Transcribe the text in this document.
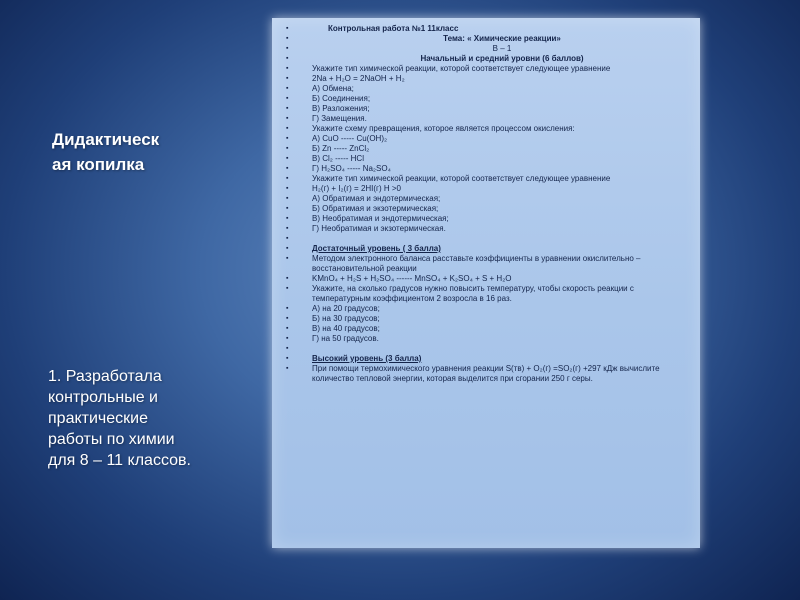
Дидактическ
ая копилка
1. Разработала
контрольные и
практические
работы по химии
для 8 – 11 классов.
▪ Контрольная работа №1 11класс
▪ Тема: « Химические реакции»
▪ В – 1
▪ Начальный и средний уровни (6 баллов)
▪ Укажите тип химической реакции, которой соответствует следующее уравнение
▪ 2Na + H₂O = 2NaOH + H₂
▪ А) Обмена;
▪ Б) Соединения;
▪ В) Разложения;
▪ Г) Замещения.
▪ Укажите схему превращения, которое является процессом окисления:
▪ А) CuO ----- Cu(OH)₂
▪ Б) Zn ----- ZnCl₂
▪ В) Cl₂ ----- HCl
▪ Г) H₂SO₄ ----- Na₂SO₄
▪ Укажите тип химической реакции, которой соответствует следующее уравнение
▪ H₂(г) + I₂(г) = 2HI(г) H >0
▪ А) Обратимая и эндотермическая;
▪ Б) Обратимая и экзотермическая;
▪ В) Необратимая и эндотермическая;
▪ Г) Необратимая и экзотермическая.
▪
▪ Достаточный уровень ( 3 балла)
▪ Методом электронного баланса расставьте коэффициенты в уравнении окислительно – восстановительной реакции
▪ KMnO₄ + H₂S + H₂SO₄ ------ MnSO₄ + K₂SO₄ + S + H₂O
▪ Укажите, на сколько градусов нужно повысить температуру, чтобы скорость реакции с температурным коэффициентом 2 возросла в 16 раз.
▪ А) на 20 градусов;
▪ Б) на 30 градусов;
▪ В) на 40 градусов;
▪ Г) на 50 градусов.
▪
▪ Высокий уровень (3 балла)
▪ При помощи термохимического уравнения реакции S(тв) + O₂(г) =SO₂(г) +297 кДж вычислите количество тепловой энергии, которая выделится при сгорании 250 г серы.
